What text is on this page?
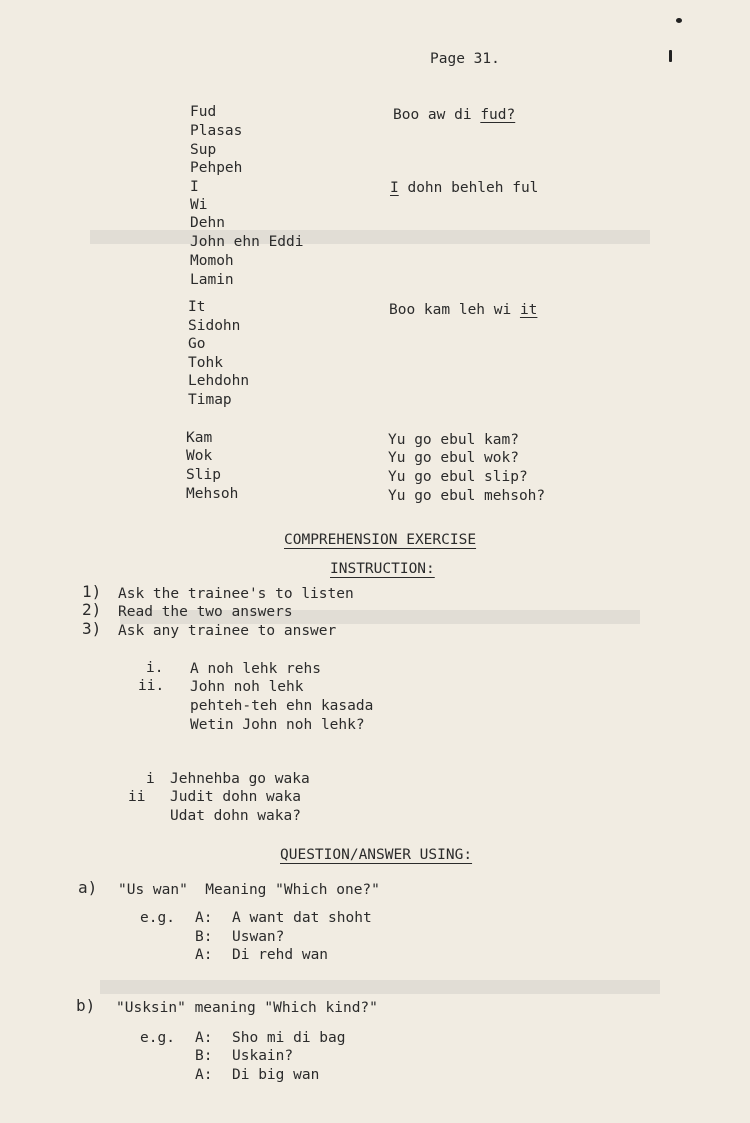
Page 31.
Fud
Plasas
Sup
Pehpeh
I
Wi
Dehn
John ehn Eddi
Momoh
Lamin
Boo aw di fud?
I dohn behleh ful
It
Sidohn
Go
Tohk
Lehdohn
Timap
Boo kam leh wi it
Kam
Wok
Slip
Mehsoh
Yu go ebul kam?
Yu go ebul wok?
Yu go ebul slip?
Yu go ebul mehsoh?
COMPREHENSION EXERCISE
INSTRUCTION:
1) Ask the trainee's to listen
2) Read the two answers
3) Ask any trainee to answer
i. A noh lehk rehs
ii. John noh lehk
pehteh-teh ehn kasada
Wetin John noh lehk?
i Jehnehba go waka
ii Judit dohn waka
Udat dohn waka?
QUESTION/ANSWER USING:
a) "Us wan"  Meaning "Which one?"
e.g. A: A want dat shoht
B: Uswan?
A: Di rehd wan
b) "Usksin" meaning "Which kind?"
e.g. A: Sho mi di bag
B: Uskain?
A: Di big wan
